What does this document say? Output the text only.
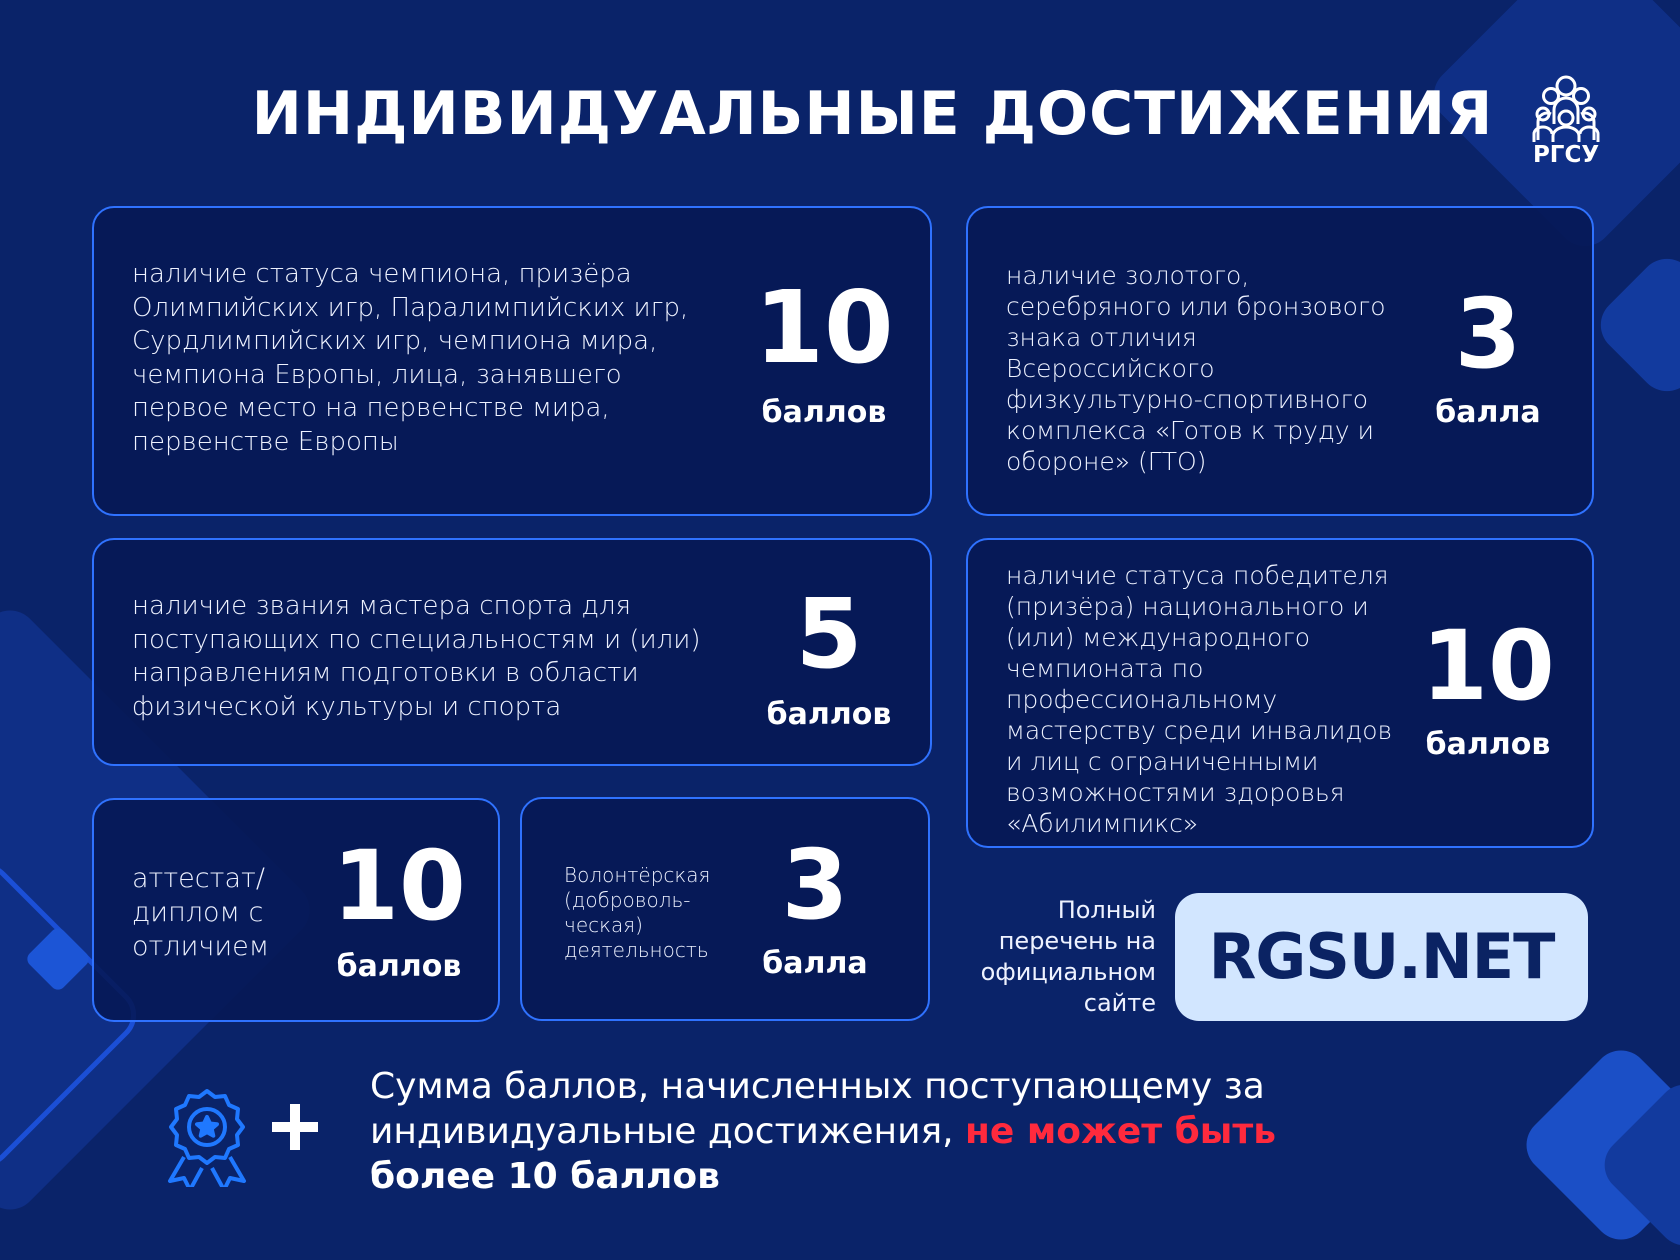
ИНДИВИДУАЛЬНЫЕ ДОСТИЖЕНИЯ
РГСУ
наличие статуса чемпиона, призёра Олимпийских игр, Паралимпийских игр, Сурдлимпийских игр, чемпиона мира, чемпиона Европы, лица, занявшего первое место на первенстве мира, первенстве Европы
10
баллов
наличие золотого, серебряного или бронзового знака отличия Всероссийского физкультурно-спортивного комплекса «Готов к труду и обороне» (ГТО)
3
балла
наличие звания мастера спорта для поступающих по специальностям и (или) направлениям подготовки в области физической культуры и спорта
5
баллов
наличие статуса победителя (призёра) национального и (или) международного чемпионата по профессиональному мастерству среди инвалидов и лиц с ограниченными возможностями здоровья «Абилимпикс»
10
баллов
аттестат/ диплом с отличием
10
баллов
Волонтёрская (доброволь-ческая) деятельность
3
балла
Полный перечень на официальном сайте
RGSU.NET
Сумма баллов, начисленных поступающему за индивидуальные достижения, не может быть
более 10 баллов
